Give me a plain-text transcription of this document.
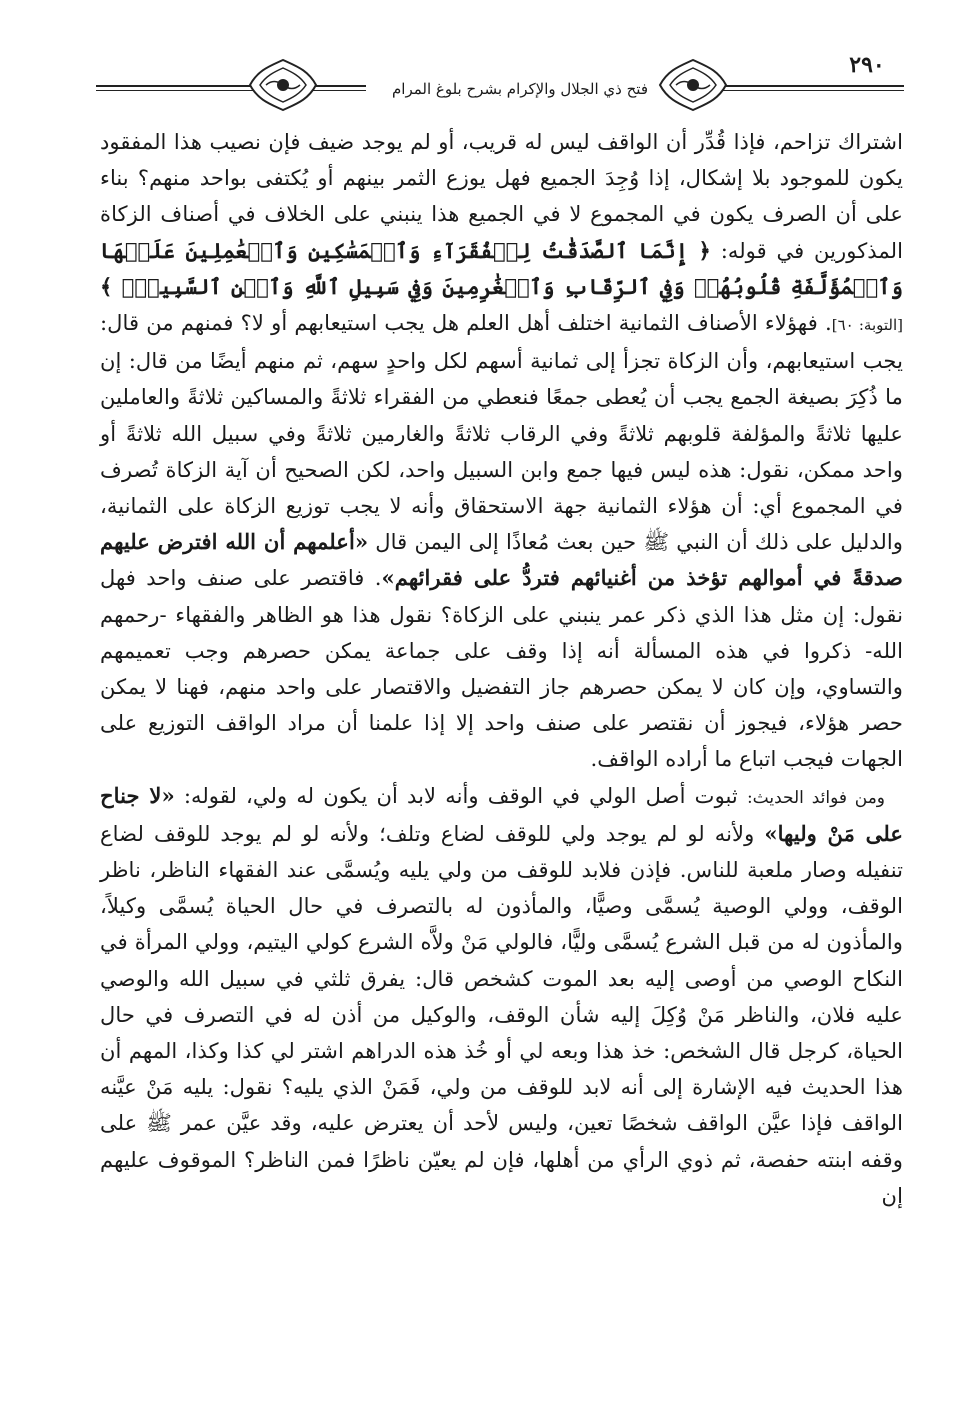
٢٩٠
فتح ذي الجلال والإكرام بشرح بلوغ المرام

اشتراك تزاحم، فإذا قُدِّر أن الواقف ليس له قريب، أو لم يوجد ضيف فإن نصيب هذا المفقود يكون للموجود بلا إشكال، إذا وُجِدَ الجميع فهل يوزع الثمر بينهم أو يُكتفى بواحد منهم؟ بناء على أن الصرف يكون في المجموع لا في الجميع هذا ينبني على الخلاف في أصناف الزكاة المذكورين في قوله: ﴿ إِنَّمَا ٱلصَّدَقَٰتُ لِلۡفُقَرَآءِ وَٱلۡمَسَٰكِينِ وَٱلۡعَٰمِلِينَ عَلَيۡهَا وَٱلۡمُؤَلَّفَةِ قُلُوبُهُمۡ وَفِي ٱلرِّقَابِ وَٱلۡغَٰرِمِينَ وَفِي سَبِيلِ ٱللَّهِ وَٱبۡنِ ٱلسَّبِيلِۖ ﴾ [التوبة: ٦٠]. فهؤلاء الأصناف الثمانية اختلف أهل العلم هل يجب استيعابهم أو لا؟ فمنهم من قال: يجب استيعابهم، وأن الزكاة تجزأ إلى ثمانية أسهم لكل واحدٍ سهم، ثم منهم أيضًا من قال: إن ما ذُكِرَ بصيغة الجمع يجب أن يُعطى جمعًا فنعطي من الفقراء ثلاثةً والمساكين ثلاثةً والعاملين عليها ثلاثةً والمؤلفة قلوبهم ثلاثةً وفي الرقاب ثلاثةً والغارمين ثلاثةً وفي سبيل الله ثلاثةً أو واحد ممكن، نقول: هذه ليس فيها جمع وابن السبيل واحد، لكن الصحيح أن آية الزكاة تُصرف في المجموع أي: أن هؤلاء الثمانية جهة الاستحقاق وأنه لا يجب توزيع الزكاة على الثمانية، والدليل على ذلك أن النبي ﷺ حين بعث مُعاذًا إلى اليمن قال «أعلمهم أن الله افترض عليهم صدقةً في أموالهم تؤخذ من أغنيائهم فتردُّ على فقرائهم». فاقتصر على صنف واحد فهل نقول: إن مثل هذا الذي ذكر عمر ينبني على الزكاة؟ نقول هذا هو الظاهر والفقهاء -رحمهم الله- ذكروا في هذه المسألة أنه إذا وقف على جماعة يمكن حصرهم وجب تعميمهم والتساوي، وإن كان لا يمكن حصرهم جاز التفضيل والاقتصار على واحد منهم، فهنا لا يمكن حصر هؤلاء، فيجوز أن نقتصر على صنف واحد إلا إذا علمنا أن مراد الواقف التوزيع على الجهات فيجب اتباع ما أراده الواقف.

ومن فوائد الحديث: ثبوت أصل الولي في الوقف وأنه لابد أن يكون له ولي، لقوله: «لا جناح على مَنْ وليها» ولأنه لو لم يوجد ولي للوقف لضاع وتلف؛ ولأنه لو لم يوجد للوقف لضاع تنفيله وصار ملعبة للناس. فإذن فلابد للوقف من ولي يليه ويُسمَّى عند الفقهاء الناظر، ناظر الوقف، وولي الوصية يُسمَّى وصيًّا، والمأذون له بالتصرف في حال الحياة يُسمَّى وكيلاً، والمأذون له من قبل الشرع يُسمَّى وليًّا، فالولي مَنْ ولاَّه الشرع كولي اليتيم، وولي المرأة في النكاح الوصي من أوصى إليه بعد الموت كشخص قال: يفرق ثلثي في سبيل الله والوصي عليه فلان، والناظر مَنْ وُكِلَ إليه شأن الوقف، والوكيل من أذن له في التصرف في حال الحياة، كرجل قال الشخص: خذ هذا وبعه لي أو خُذ هذه الدراهم اشتر لي كذا وكذا، المهم أن هذا الحديث فيه الإشارة إلى أنه لابد للوقف من ولي، فَمَنْ الذي يليه؟ نقول: يليه مَنْ عيَّنه الواقف فإذا عيَّن الواقف شخصًا تعين، وليس لأحد أن يعترض عليه، وقد عيَّن عمر ﷺ على وقفه ابنته حفصة، ثم ذوي الرأي من أهلها، فإن لم يعيّن ناظرًا فمن الناظر؟ الموقوف عليهم إن
